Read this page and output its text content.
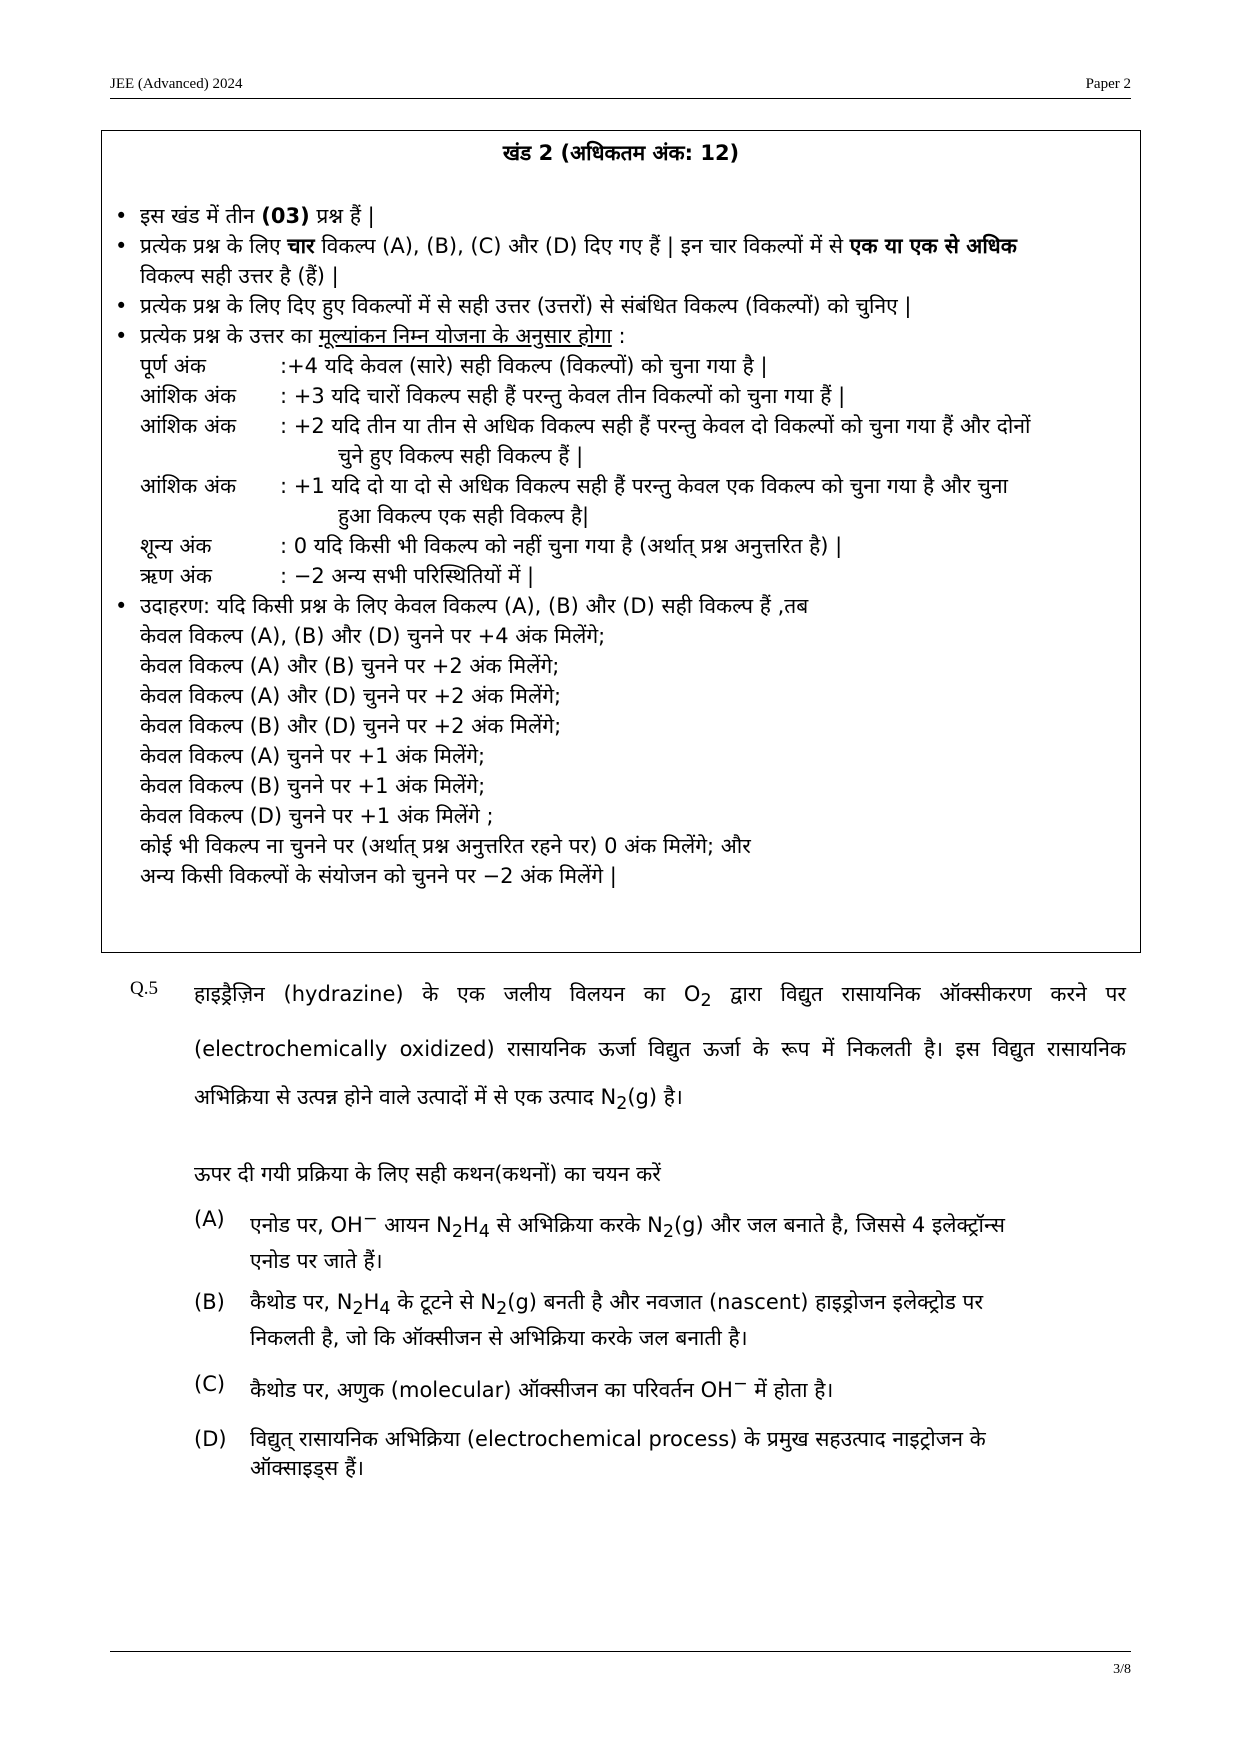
JEE (Advanced) 2024	Paper 2
खंड 2 (अधिकतम अंक: 12)
• इस खंड में तीन (03) प्रश्न हैं |
• प्रत्येक प्रश्न के लिए चार विकल्प (A), (B), (C) और (D) दिए गए हैं | इन चार विकल्पों में से एक या एक से अधिक
विकल्प सही उत्तर है (हैं) |
• प्रत्येक प्रश्न के लिए दिए हुए विकल्पों में से सही उत्तर (उत्तरों) से संबंधित विकल्प (विकल्पों) को चुनिए |
• प्रत्येक प्रश्न के उत्तर का मूल्यांकन निम्न योजना के अनुसार होगा :
पूर्ण अंक	:+4 यदि केवल (सारे) सही विकल्प (विकल्पों) को चुना गया है |
आंशिक अंक : +3 यदि चारों विकल्प सही हैं परन्तु केवल तीन विकल्पों को चुना गया हैं |
आंशिक अंक : +2 यदि तीन या तीन से अधिक विकल्प सही हैं परन्तु केवल दो विकल्पों को चुना गया हैं और दोनों
चुने हुए विकल्प सही विकल्प हैं |
आंशिक अंक : +1 यदि दो या दो से अधिक विकल्प सही हैं परन्तु केवल एक विकल्प को चुना गया है और चुना
हुआ विकल्प एक सही विकल्प है|
शून्य अंक	: 0 यदि किसी भी विकल्प को नहीं चुना गया है (अर्थात् प्रश्न अनुत्तरित है) |
ऋण अंक	: −2 अन्य सभी परिस्थितियों में |
• उदाहरण: यदि किसी प्रश्न के लिए केवल विकल्प (A), (B) और (D) सही विकल्प हैं ,तब
केवल विकल्प (A), (B) और (D) चुनने पर +4 अंक मिलेंगे;
केवल विकल्प (A) और (B) चुनने पर +2 अंक मिलेंगे;
केवल विकल्प (A) और (D) चुनने पर +2 अंक मिलेंगे;
केवल विकल्प (B) और (D) चुनने पर +2 अंक मिलेंगे;
केवल विकल्प (A) चुनने पर +1 अंक मिलेंगे;
केवल विकल्प (B) चुनने पर +1 अंक मिलेंगे;
केवल विकल्प (D) चुनने पर +1 अंक मिलेंगे ;
कोई भी विकल्प ना चुनने पर (अर्थात् प्रश्न अनुत्तरित रहने पर) 0 अंक मिलेंगे; और
अन्य किसी विकल्पों के संयोजन को चुनने पर −2 अंक मिलेंगे |
Q.5 हाइड्रैज़िन (hydrazine) के एक जलीय विलयन का $O_2$ द्वारा विद्युत रासायनिक ऑक्सीकरण करने पर (electrochemically oxidized) रासायनिक ऊर्जा विद्युत ऊर्जा के रूप में निकलती है। इस विद्युत रासायनिक अभिक्रिया से उत्पन्न होने वाले उत्पादों में से एक उत्पाद $N_2(g)$ है।
ऊपर दी गयी प्रक्रिया के लिए सही कथन(कथनों) का चयन करें
(A) एनोड पर, OH− आयन $N_2H_4$ से अभिक्रिया करके $N_2(g)$ और जल बनाते है, जिससे 4 इलेक्ट्रॉन्स
एनोड पर जाते हैं।
(B) कैथोड पर, $N_2H_4$ के टूटने से $N_2(g)$ बनती है और नवजात (nascent) हाइड्रोजन इलेक्ट्रोड पर
निकलती है, जो कि ऑक्सीजन से अभिक्रिया करके जल बनाती है।
(C) कैथोड पर, अणुक (molecular) ऑक्सीजन का परिवर्तन OH− में होता है।
(D) विद्युत् रासायनिक अभिक्रिया (electrochemical process) के प्रमुख सहउत्पाद नाइट्रोजन के
ऑक्साइड्स हैं।
3/8
